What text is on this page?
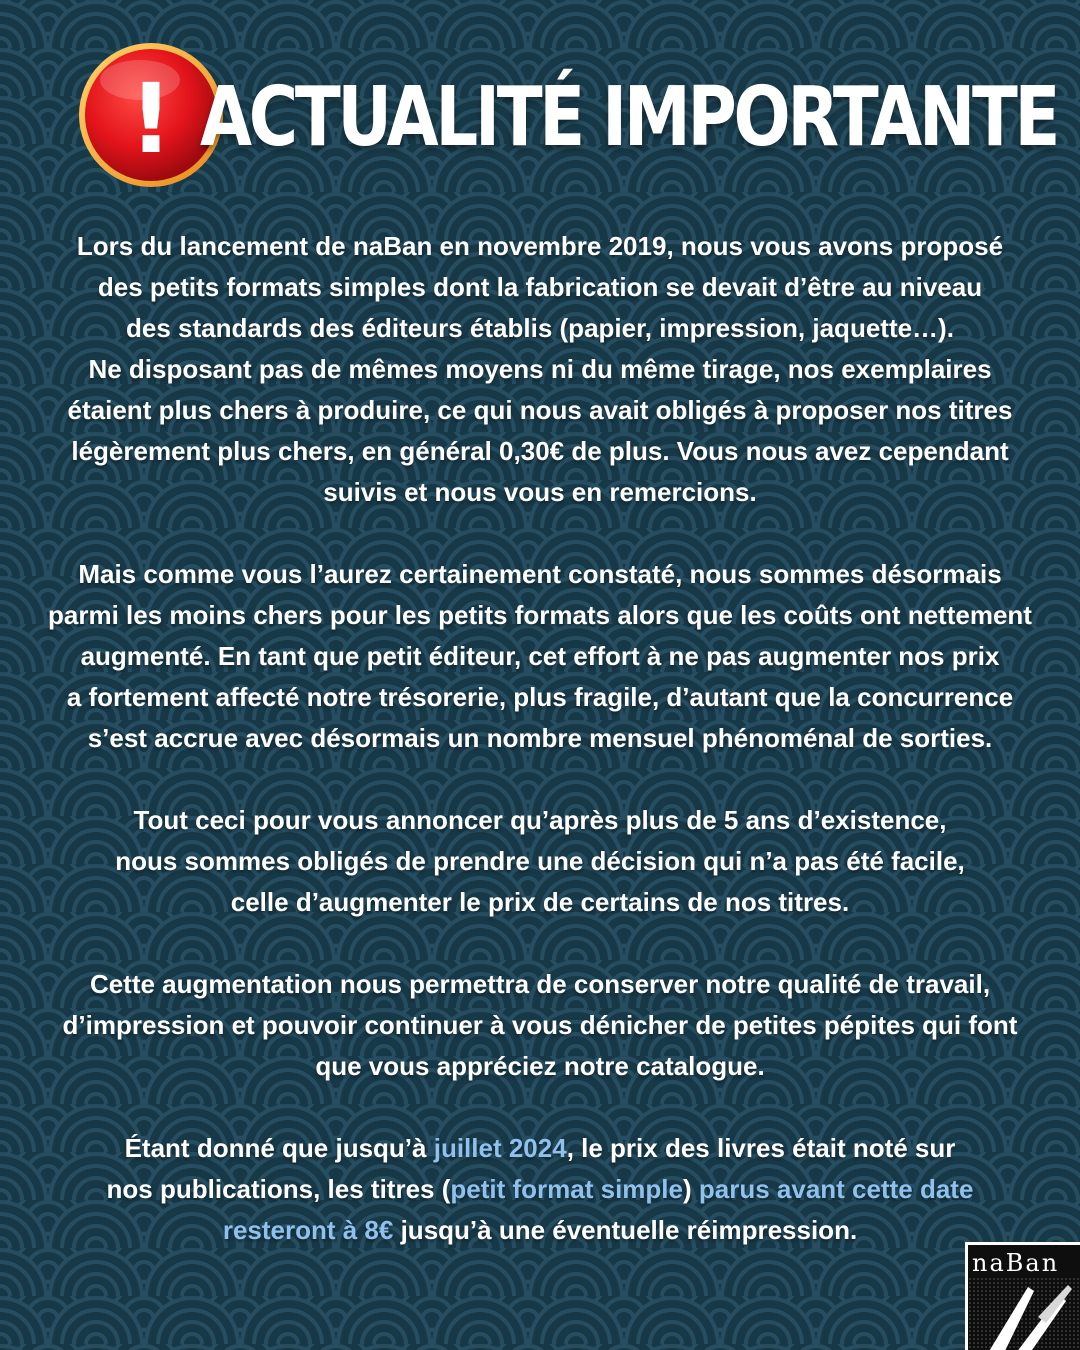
! ACTUALITÉ IMPORTANTE

Lors du lancement de naBan en novembre 2019, nous vous avons proposé
des petits formats simples dont la fabrication se devait d’être au niveau
des standards des éditeurs établis (papier, impression, jaquette…).
Ne disposant pas de mêmes moyens ni du même tirage, nos exemplaires
étaient plus chers à produire, ce qui nous avait obligés à proposer nos titres
légèrement plus chers, en général 0,30€ de plus. Vous nous avez cependant
suivis et nous vous en remercions.

Mais comme vous l’aurez certainement constaté, nous sommes désormais
parmi les moins chers pour les petits formats alors que les coûts ont nettement
augmenté. En tant que petit éditeur, cet effort à ne pas augmenter nos prix
a fortement affecté notre trésorerie, plus fragile, d’autant que la concurrence
s’est accrue avec désormais un nombre mensuel phénoménal de sorties.

Tout ceci pour vous annoncer qu’après plus de 5 ans d’existence,
nous sommes obligés de prendre une décision qui n’a pas été facile,
celle d’augmenter le prix de certains de nos titres.

Cette augmentation nous permettra de conserver notre qualité de travail,
d’impression et pouvoir continuer à vous dénicher de petites pépites qui font
que vous appréciez notre catalogue.

Étant donné que jusqu’à juillet 2024, le prix des livres était noté sur
nos publications, les titres (petit format simple) parus avant cette date
resteront à 8€ jusqu’à une éventuelle réimpression.

naBan
